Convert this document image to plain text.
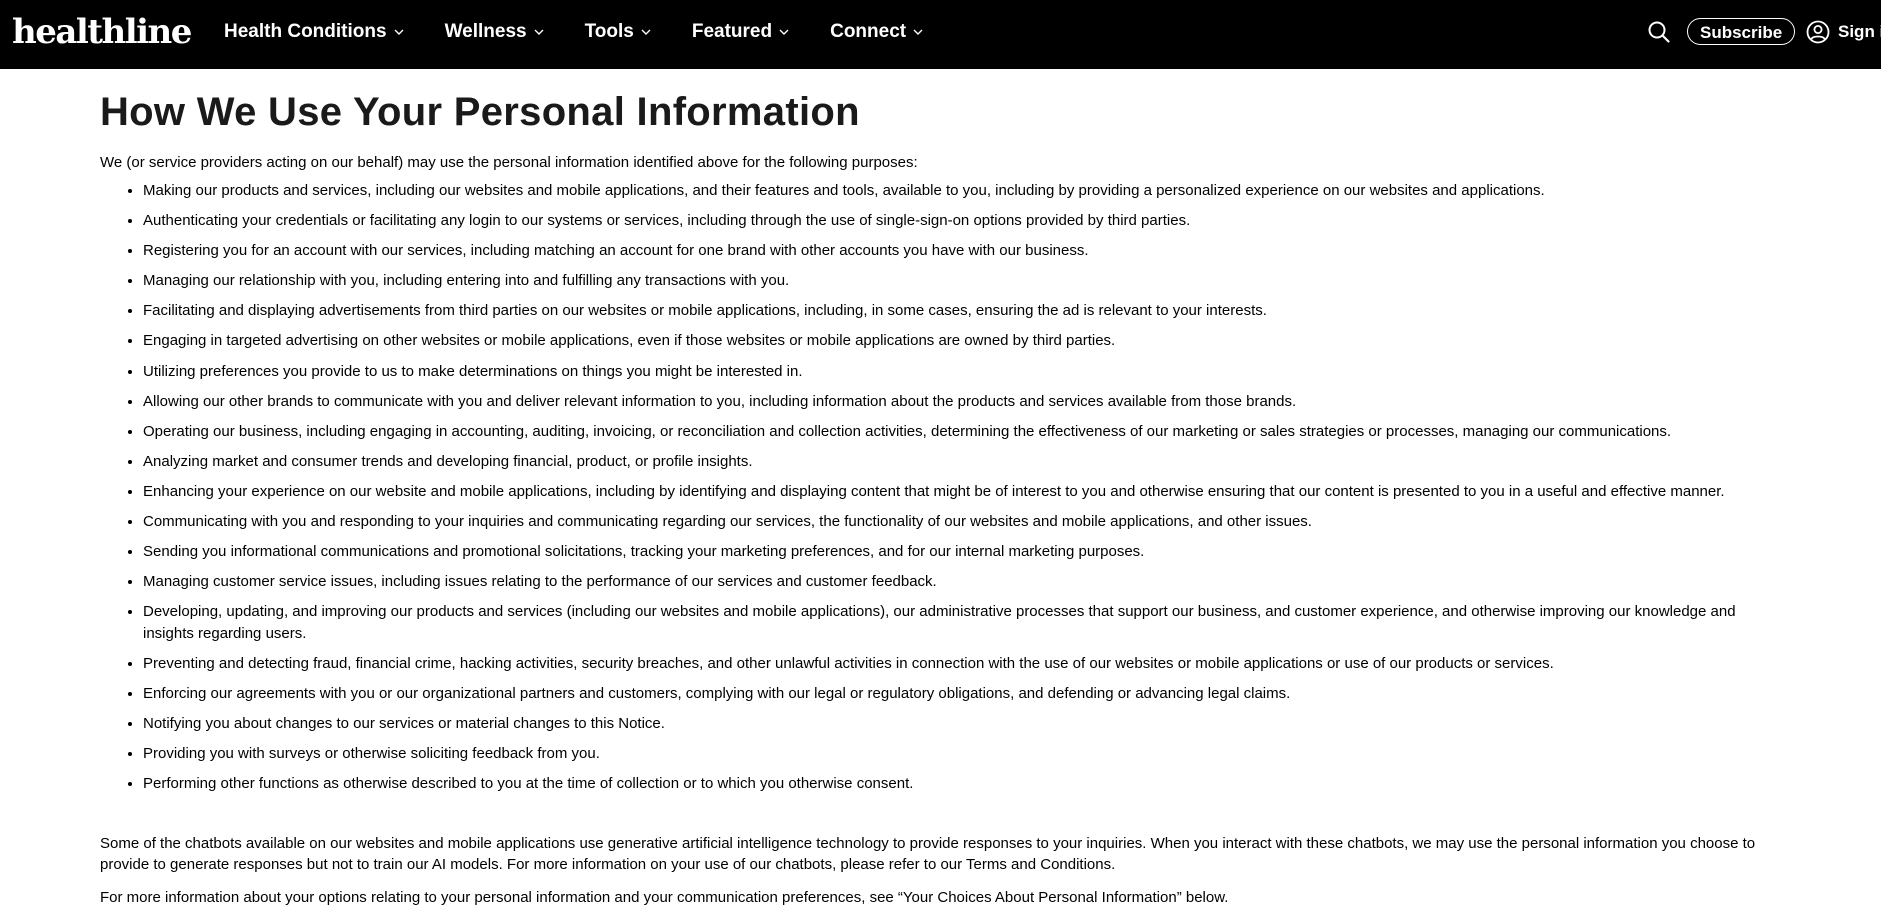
healthline Health Conditions	Wellness	Tools	Featured	Connect	Subscribe	Sign in
How We Use Your Personal Information

We (or service providers acting on our behalf) may use the personal information identified above for the following purposes:

• Making our products and services, including our websites and mobile applications, and their features and tools, available to you, including by providing a personalized experience on our websites and applications.
• Authenticating your credentials or facilitating any login to our systems or services, including through the use of single-sign-on options provided by third parties.
• Registering you for an account with our services, including matching an account for one brand with other accounts you have with our business.
• Managing our relationship with you, including entering into and fulfilling any transactions with you.
• Facilitating and displaying advertisements from third parties on our websites or mobile applications, including, in some cases, ensuring the ad is relevant to your interests.
• Engaging in targeted advertising on other websites or mobile applications, even if those websites or mobile applications are owned by third parties.
• Utilizing preferences you provide to us to make determinations on things you might be interested in.
• Allowing our other brands to communicate with you and deliver relevant information to you, including information about the products and services available from those brands.
• Operating our business, including engaging in accounting, auditing, invoicing, or reconciliation and collection activities, determining the effectiveness of our marketing or sales strategies or processes, managing our communications.
• Analyzing market and consumer trends and developing financial, product, or profile insights.
• Enhancing your experience on our website and mobile applications, including by identifying and displaying content that might be of interest to you and otherwise ensuring that our content is presented to you in a useful and effective manner.
• Communicating with you and responding to your inquiries and communicating regarding our services, the functionality of our websites and mobile applications, and other issues.
• Sending you informational communications and promotional solicitations, tracking your marketing preferences, and for our internal marketing purposes.
• Managing customer service issues, including issues relating to the performance of our services and customer feedback.
• Developing, updating, and improving our products and services (including our websites and mobile applications), our administrative processes that support our business, and customer experience, and otherwise improving our knowledge and insights regarding users.
• Preventing and detecting fraud, financial crime, hacking activities, security breaches, and other unlawful activities in connection with the use of our websites or mobile applications or use of our products or services.
• Enforcing our agreements with you or our organizational partners and customers, complying with our legal or regulatory obligations, and defending or advancing legal claims.
• Notifying you about changes to our services or material changes to this Notice.
• Providing you with surveys or otherwise soliciting feedback from you.
• Performing other functions as otherwise described to you at the time of collection or to which you otherwise consent.

Some of the chatbots available on our websites and mobile applications use generative artificial intelligence technology to provide responses to your inquiries. When you interact with these chatbots, we may use the personal information you choose to provide to generate responses but not to train our AI models. For more information on your use of our chatbots, please refer to our Terms and Conditions.

For more information about your options relating to your personal information and your communication preferences, see “Your Choices About Personal Information” below.
